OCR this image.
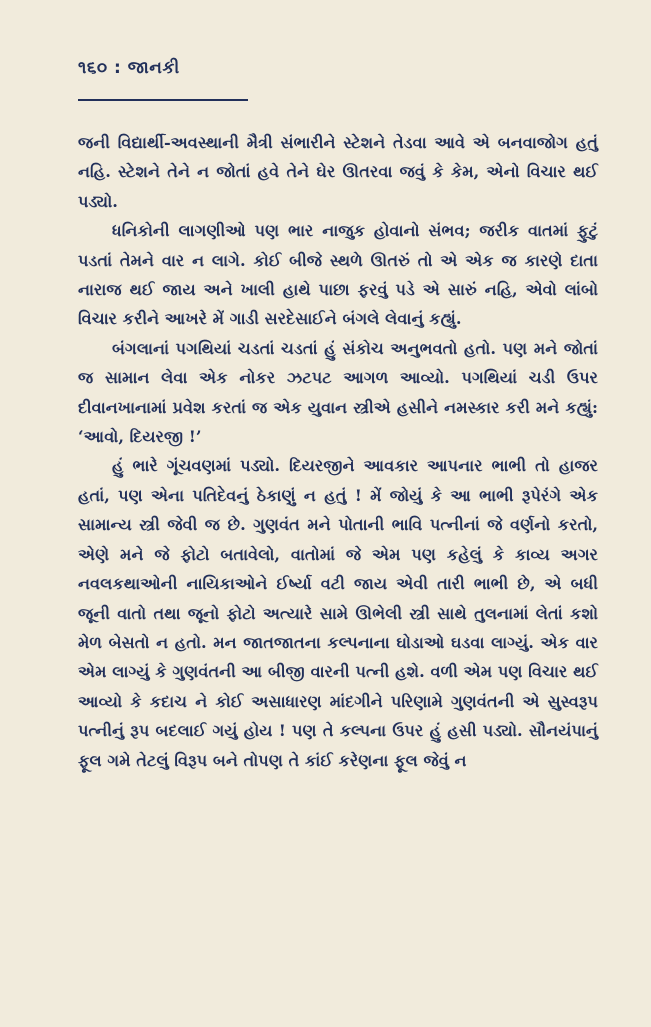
૧૬૦ : જાનકી

જની વિદ્યાર્થી-અવસ્થાની મૈત્રી સંભારીને સ્ટેશને તેડવા આવે એ બનવાજોગ હતું નહિ. સ્ટેશને તેને ન જોતાં હવે તેને ઘેર ઊતરવા જવું કે કેમ, એનો વિચાર થઈ પડ્યો.

ધનિકોની લાગણીઓ પણ ભાર નાજુક હોવાનો સંભવ; જરીક વાતમાં ફુટું પડતાં તેમને વાર ન લાગે. કોઈ બીજે સ્થળે ઊતરું તો એ એક જ કારણે દાતા નારાજ થઈ જાય અને ખાલી હાથે પાછા ફરવું પડે એ સારું નહિ, એવો લાંબો વિચાર કરીને આખરે મેં ગાડી સરદેસાઈને બંગલે લેવાનું કહ્યું.

બંગલાનાં પગથિયાં ચડતાં ચડતાં હું સંકોચ અનુભવતો હતો. પણ મને જોતાં જ સામાન લેવા એક નોકર ઝટપટ આગળ આવ્યો. પગથિયાં ચડી ઉપર દીવાનખાનામાં પ્રવેશ કરતાં જ એક યુવાન સ્ત્રીએ હસીને નમસ્કાર કરી મને કહ્યું: ‘આવો, દિયરજી !’

હું ભારે ગૂંચવણમાં પડ્યો. દિયરજીને આવકાર આપનાર ભાભી તો હાજર હતાં, પણ એના પતિદેવનું ઠેકાણું ન હતું ! મેં જોયું કે આ ભાભી રૂપેરંગે એક સામાન્ય સ્ત્રી જેવી જ છે. ગુણવંત મને પોતાની ભાવિ પત્નીનાં જે વર્ણનો કરતો, એણે મને જે ફોટો બતાવેલો, વાતોમાં જે એમ પણ કહેલું કે કાવ્ય અગર નવલકથાઓની નાયિકાઓને ઈર્ષ્યા વટી જાય એવી તારી ભાભી છે, એ બધી જૂની વાતો તથા જૂનો ફોટો અત્યારે સામે ઊભેલી સ્ત્રી સાથે તુલનામાં લેતાં કશો મેળ બેસતો ન હતો. મન જાતજાતના કલ્પનાના ઘોડાઓ ઘડવા લાગ્યું. એક વાર એમ લાગ્યું કે ગુણવંતની આ બીજી વારની પત્ની હશે. વળી એમ પણ વિચાર થઈ આવ્યો કે કદાચ ને કોઈ અસાધારણ માંદગીને પરિણામે ગુણવંતની એ સુસ્વરૂપ પત્નીનું રૂપ બદલાઈ ગયું હોય ! પણ તે કલ્પના ઉપર હું હસી પડ્યો. સૌનયંપાનું ફૂલ ગમે તેટલું વિરૂપ બને તોપણ તે કાંઈ કરેણના ફૂલ જેવું ન
